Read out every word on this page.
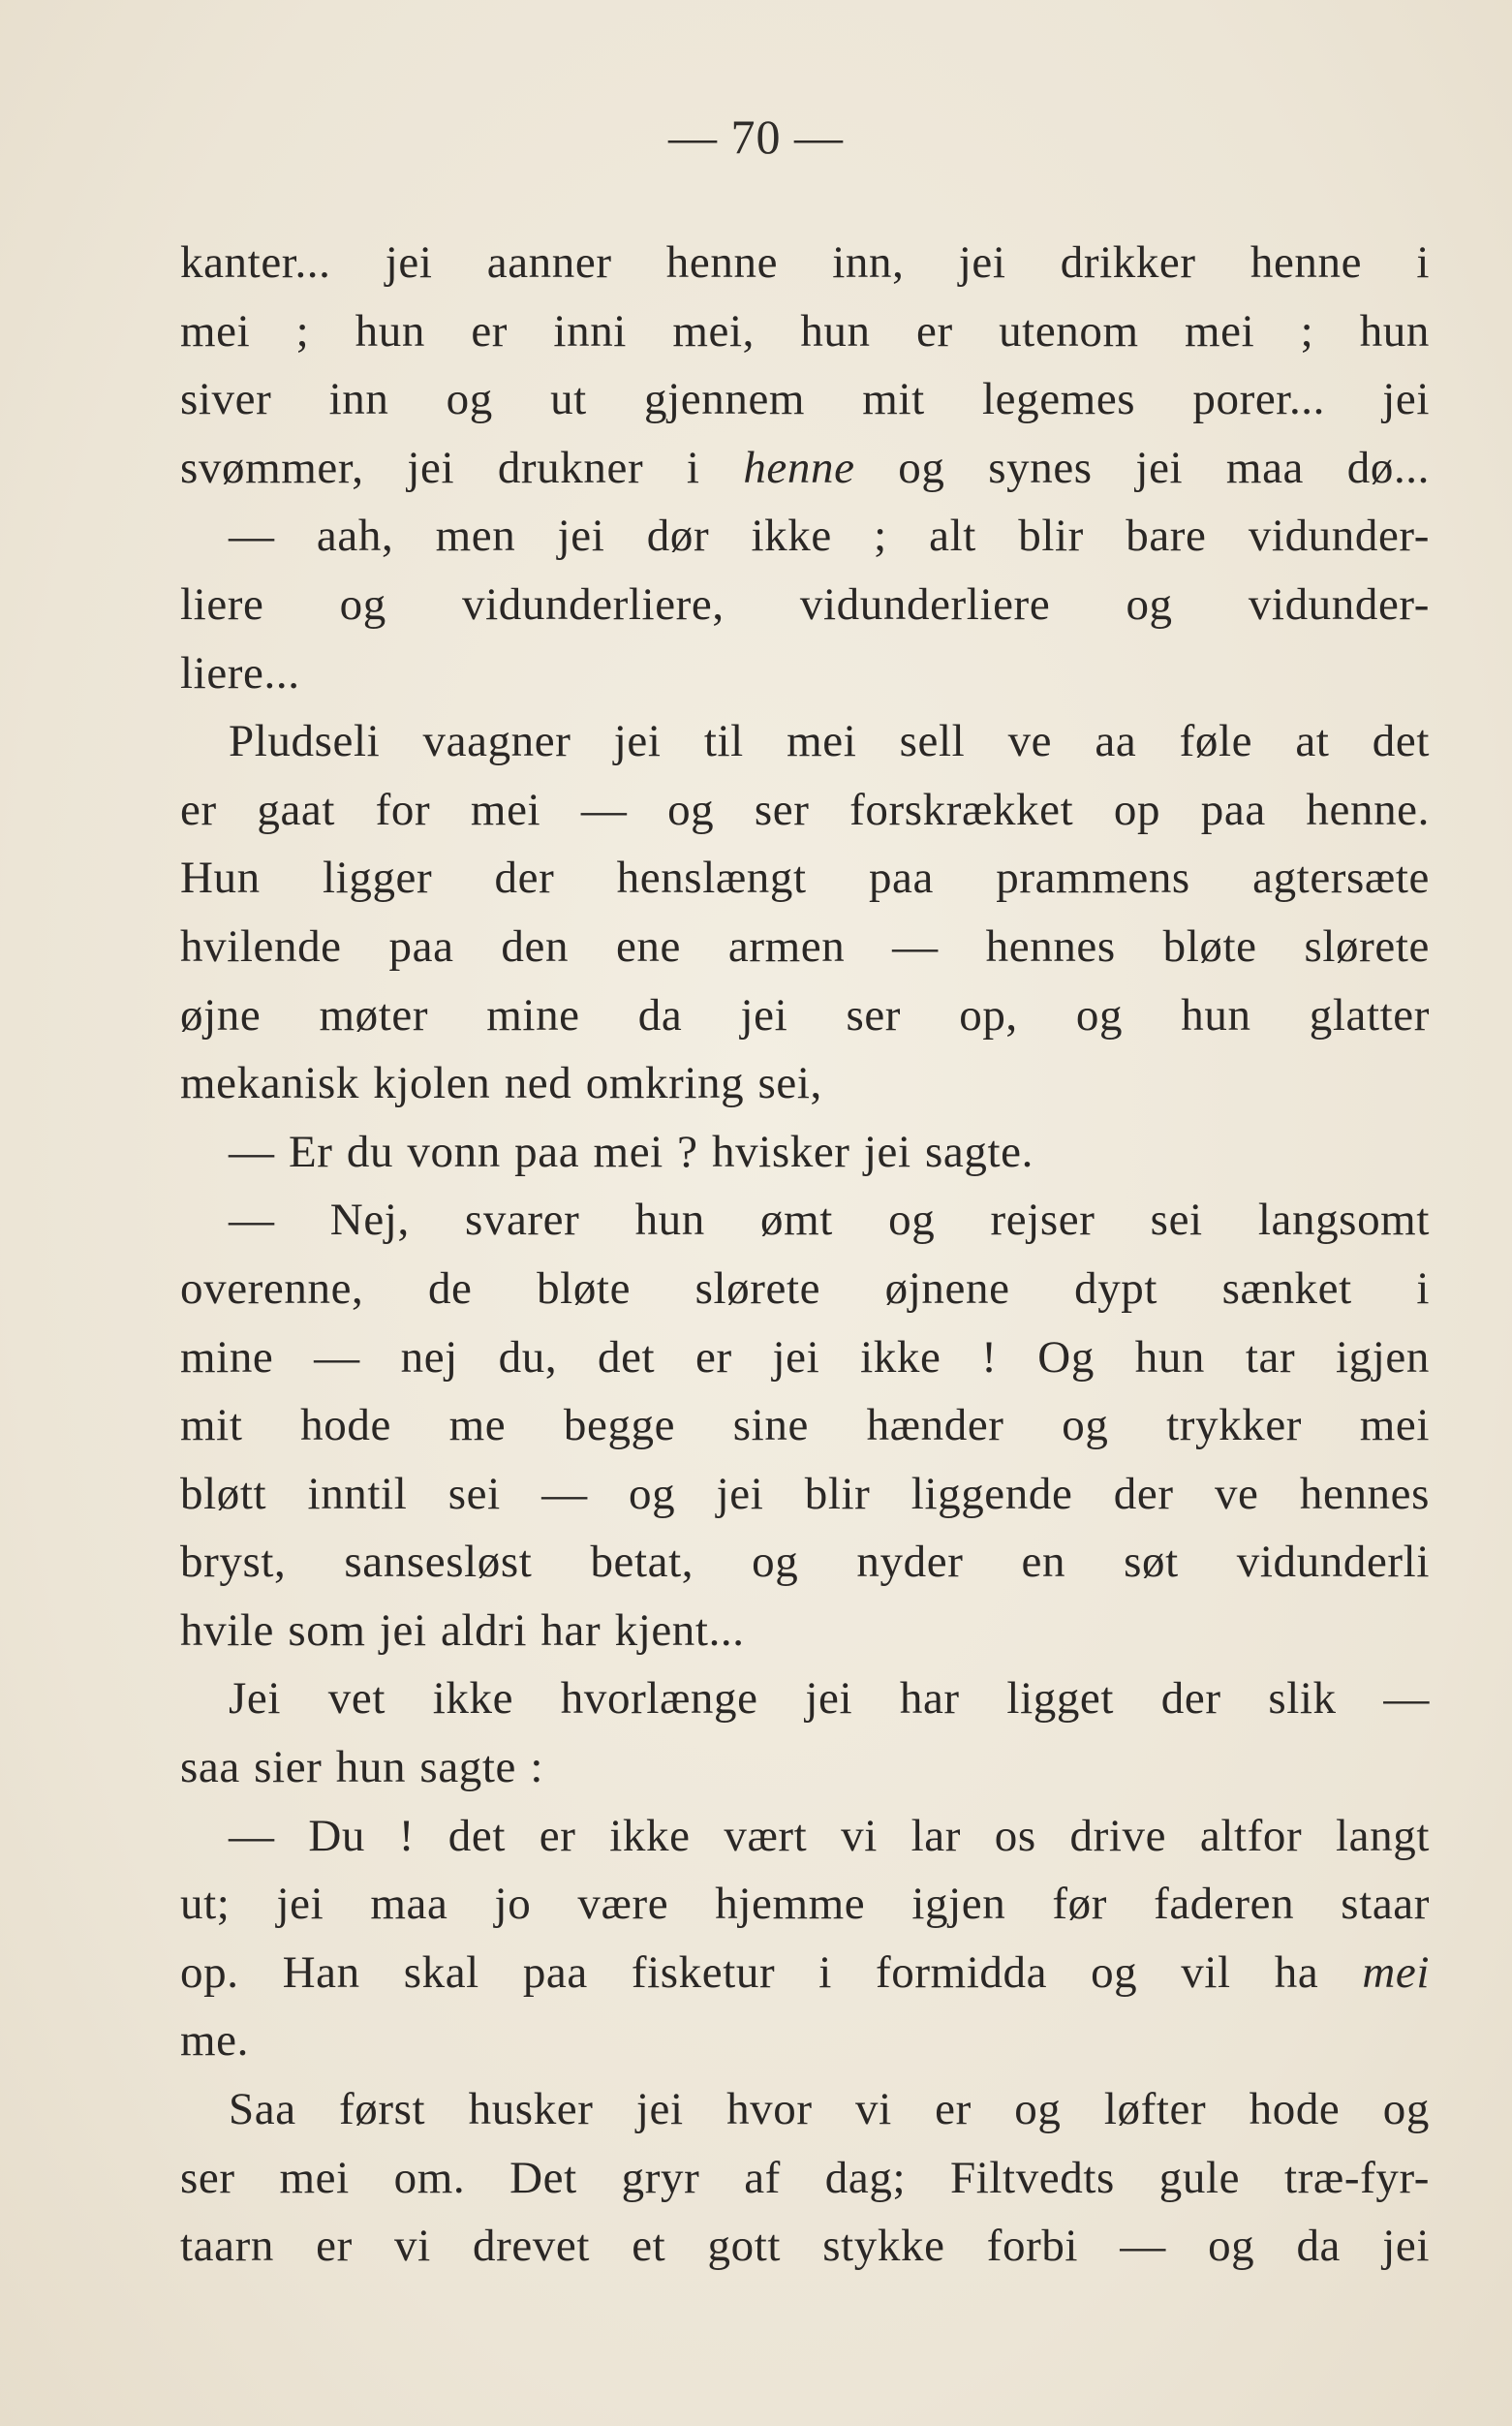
— 70 —
kanter... jei aanner henne inn, jei drikker henne i
mei ; hun er inni mei, hun er utenom mei ; hun
siver inn og ut gjennem mit legemes porer... jei
svømmer, jei drukner i henne og synes jei maa dø...
— aah, men jei dør ikke ; alt blir bare vidunder-
liere og vidunderliere, vidunderliere og vidunder-
liere...
Pludseli vaagner jei til mei sell ve aa føle at det
er gaat for mei — og ser forskrækket op paa henne.
Hun ligger der henslængt paa prammens agtersæte
hvilende paa den ene armen — hennes bløte slørete
øjne møter mine da jei ser op, og hun glatter
mekanisk kjolen ned omkring sei,
— Er du vonn paa mei ? hvisker jei sagte.
— Nej, svarer hun ømt og rejser sei langsomt
overenne, de bløte slørete øjnene dypt sænket i
mine — nej du, det er jei ikke ! Og hun tar igjen
mit hode me begge sine hænder og trykker mei
bløtt inntil sei — og jei blir liggende der ve hennes
bryst, sansesløst betat, og nyder en søt vidunderli
hvile som jei aldri har kjent...
Jei vet ikke hvorlænge jei har ligget der slik —
saa sier hun sagte :
— Du ! det er ikke vært vi lar os drive altfor langt
ut; jei maa jo være hjemme igjen før faderen staar
op. Han skal paa fisketur i formidda og vil ha mei
me.
Saa først husker jei hvor vi er og løfter hode og
ser mei om. Det gryr af dag; Filtvedts gule træ-fyr-
taarn er vi drevet et gott stykke forbi — og da jei
